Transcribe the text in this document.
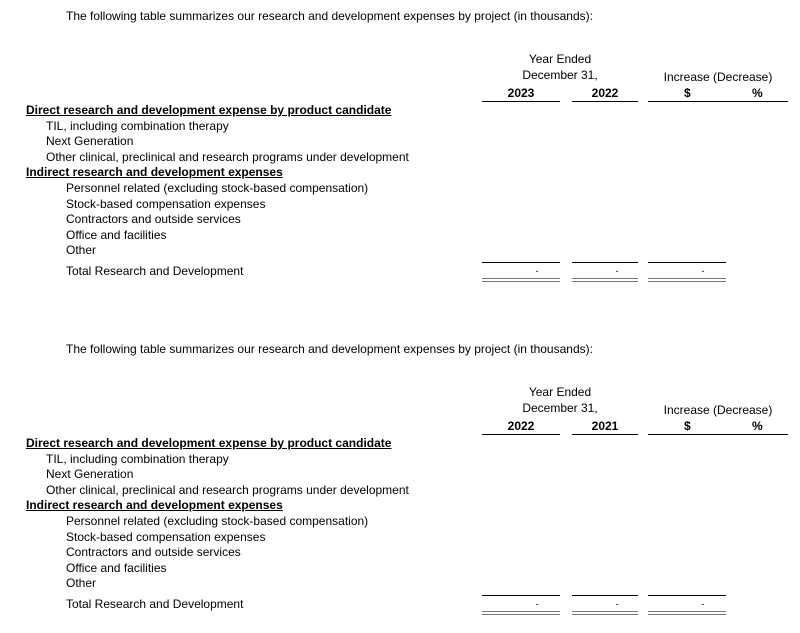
The following table summarizes our research and development expenses by project (in thousands):
Year Ended
December 31,	Increase (Decrease)
2023	2022	$	%
Direct research and development expense by product candidate
TIL, including combination therapy
Next Generation
Other clinical, preclinical and research programs under development
Indirect research and development expenses
Personnel related (excluding stock-based compensation)
Stock-based compensation expenses
Contractors and outside services
Office and facilities
Other
Total Research and Development	-	-	-
The following table summarizes our research and development expenses by project (in thousands):
Year Ended
December 31,	Increase (Decrease)
2022	2021	$	%
Direct research and development expense by product candidate
TIL, including combination therapy
Next Generation
Other clinical, preclinical and research programs under development
Indirect research and development expenses
Personnel related (excluding stock-based compensation)
Stock-based compensation expenses
Contractors and outside services
Office and facilities
Other
Total Research and Development	-	-	-
